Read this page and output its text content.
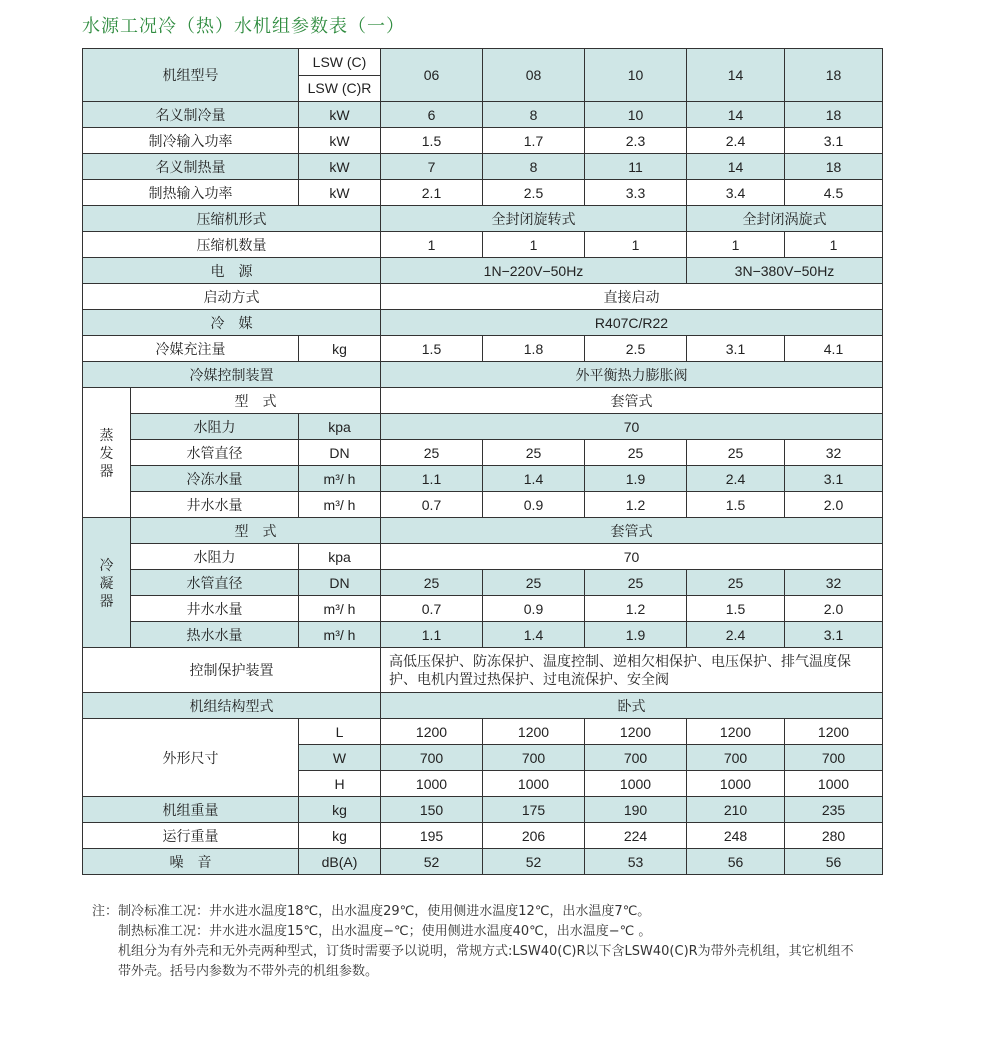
水源工况冷（热）水机组参数表（一）
机组型号		LSW (C)	06	08	10	14	18
		LSW (C)R					
名义制冷量		kW	6	8	10	14	18
制冷输入功率		kW	1.5	1.7	2.3	2.4	3.1
名义制热量		kW	7	8	11	14	18
制热输入功率		kW	2.1	2.5	3.3	3.4	4.5
压缩机形式			全封闭旋转式			全封闭涡旋式	
压缩机数量			1	1	1	1	1
电　源			1N−220V−50Hz			3N−380V−50Hz	
启动方式			直接启动				
冷　媒			R407C/R22				
冷媒充注量		kg	1.5	1.8	2.5	3.1	4.1
冷媒控制装置			外平衡热力膨胀阀				
蒸发器	型　式		套管式				
	水阻力	kpa	70				
	水管直径	DN	25	25	25	25	32
	冷冻水量	m³/ h	1.1	1.4	1.9	2.4	3.1
	井水水量	m³/ h	0.7	0.9	1.2	1.5	2.0
冷凝器	型　式		套管式				
	水阻力	kpa	70				
	水管直径	DN	25	25	25	25	32
	井水水量	m³/ h	0.7	0.9	1.2	1.5	2.0
	热水水量	m³/ h	1.1	1.4	1.9	2.4	3.1
控制保护装置			高低压保护、防冻保护、温度控制、逆相欠相保护、电压保护、排气温度保护、电机内置过热保护、过电流保护、安全阀				
机组结构型式			卧式				
外形尺寸		L	1200	1200	1200	1200	1200
		W	700	700	700	700	700
		H	1000	1000	1000	1000	1000
机组重量		kg	150	175	190	210	235
运行重量		kg	195	206	224	248	280
噪　音		dB(A)	52	52	53	56	56
注：制冷标准工况：井水进水温度18℃，出水温度29℃，使用侧进水温度12℃，出水温度7℃。
制热标准工况：井水进水温度15℃，出水温度−℃；使用侧进水温度40℃，出水温度−℃ 。
机组分为有外壳和无外壳两种型式，订货时需要予以说明，常规方式:LSW40(C)R以下含LSW40(C)R为带外壳机组，其它机组不
带外壳。括号内参数为不带外壳的机组参数。
